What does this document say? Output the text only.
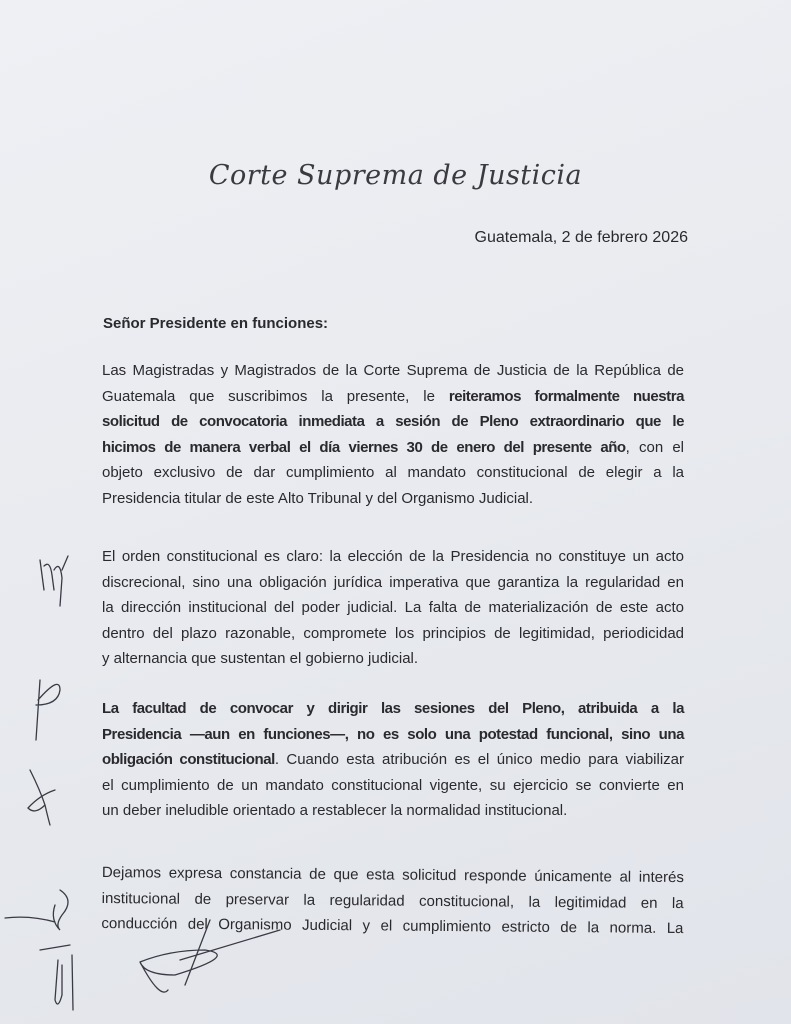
Corte Suprema de Justicia
Guatemala, 2 de febrero 2026
Señor Presidente en funciones:
Las Magistradas y Magistrados de la Corte Suprema de Justicia de la República de
Guatemala que suscribimos la presente, le reiteramos formalmente nuestra
solicitud de convocatoria inmediata a sesión de Pleno extraordinario que le
hicimos de manera verbal el día viernes 30 de enero del presente año, con el
objeto exclusivo de dar cumplimiento al mandato constitucional de elegir a la
Presidencia titular de este Alto Tribunal y del Organismo Judicial.
El orden constitucional es claro: la elección de la Presidencia no constituye un acto
discrecional, sino una obligación jurídica imperativa que garantiza la regularidad en
la dirección institucional del poder judicial. La falta de materialización de este acto
dentro del plazo razonable, compromete los principios de legitimidad, periodicidad
y alternancia que sustentan el gobierno judicial.
La facultad de convocar y dirigir las sesiones del Pleno, atribuida a la
Presidencia —aun en funciones—, no es solo una potestad funcional, sino una
obligación constitucional. Cuando esta atribución es el único medio para viabilizar
el cumplimiento de un mandato constitucional vigente, su ejercicio se convierte en
un deber ineludible orientado a restablecer la normalidad institucional.
Dejamos expresa constancia de que esta solicitud responde únicamente al interés
institucional de preservar la regularidad constitucional, la legitimidad en la
conducción del Organismo Judicial y el cumplimiento estricto de la norma. La
